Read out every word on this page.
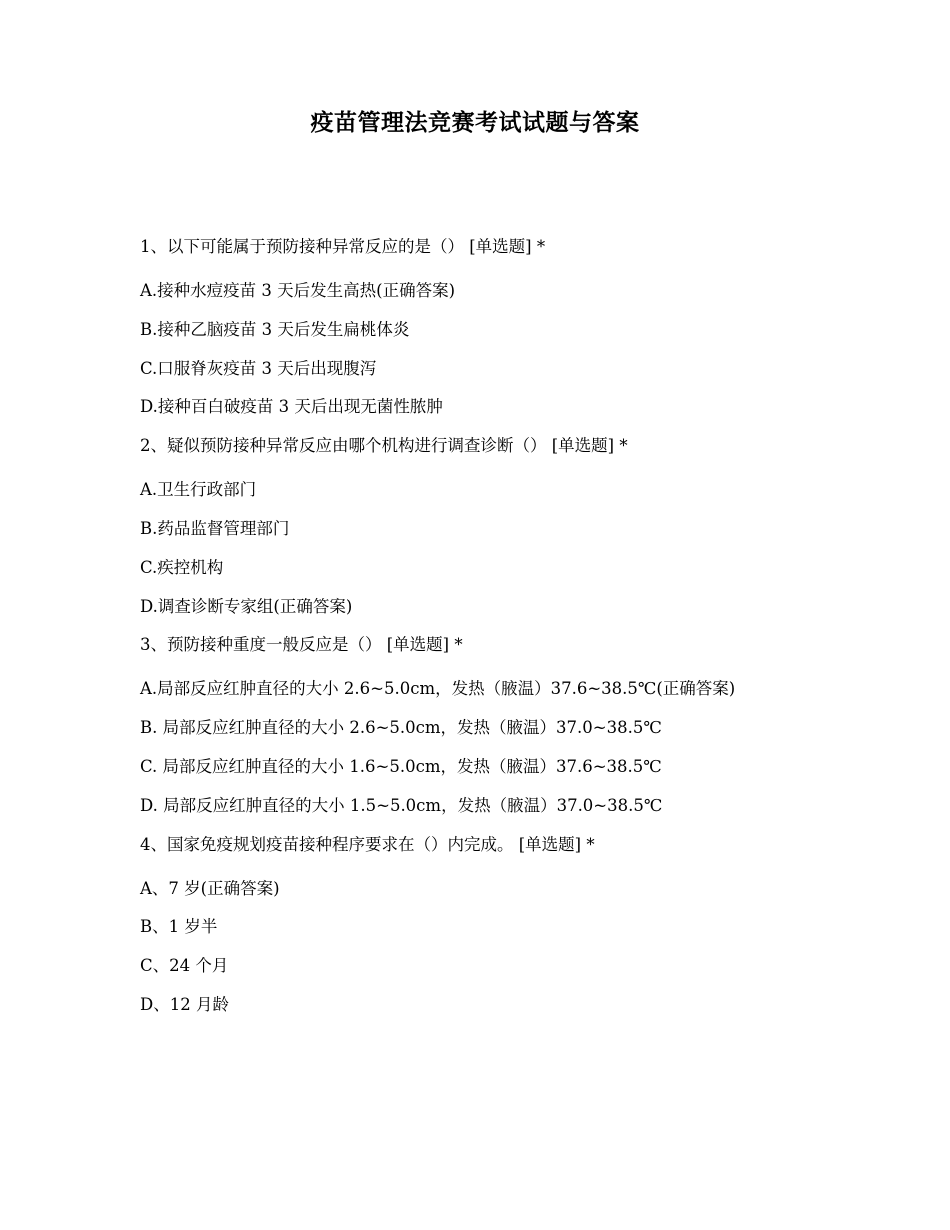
疫苗管理法竞赛考试试题与答案
1、以下可能属于预防接种异常反应的是（） [单选题] *
A.接种水痘疫苗 3 天后发生高热(正确答案)
B.接种乙脑疫苗 3 天后发生扁桃体炎
C.口服脊灰疫苗 3 天后出现腹泻
D.接种百白破疫苗 3 天后出现无菌性脓肿
2、疑似预防接种异常反应由哪个机构进行调查诊断（） [单选题] *
A.卫生行政部门
B.药品监督管理部门
C.疾控机构
D.调查诊断专家组(正确答案)
3、预防接种重度一般反应是（） [单选题] *
A.局部反应红肿直径的大小 2.6~5.0cm，发热（腋温）37.6~38.5℃(正确答案)
B. 局部反应红肿直径的大小 2.6~5.0cm，发热（腋温）37.0~38.5℃
C. 局部反应红肿直径的大小 1.6~5.0cm，发热（腋温）37.6~38.5℃
D. 局部反应红肿直径的大小 1.5~5.0cm，发热（腋温）37.0~38.5℃
4、国家免疫规划疫苗接种程序要求在（）内完成。 [单选题] *
A、7 岁(正确答案)
B、1 岁半
C、24 个月
D、12 月龄
